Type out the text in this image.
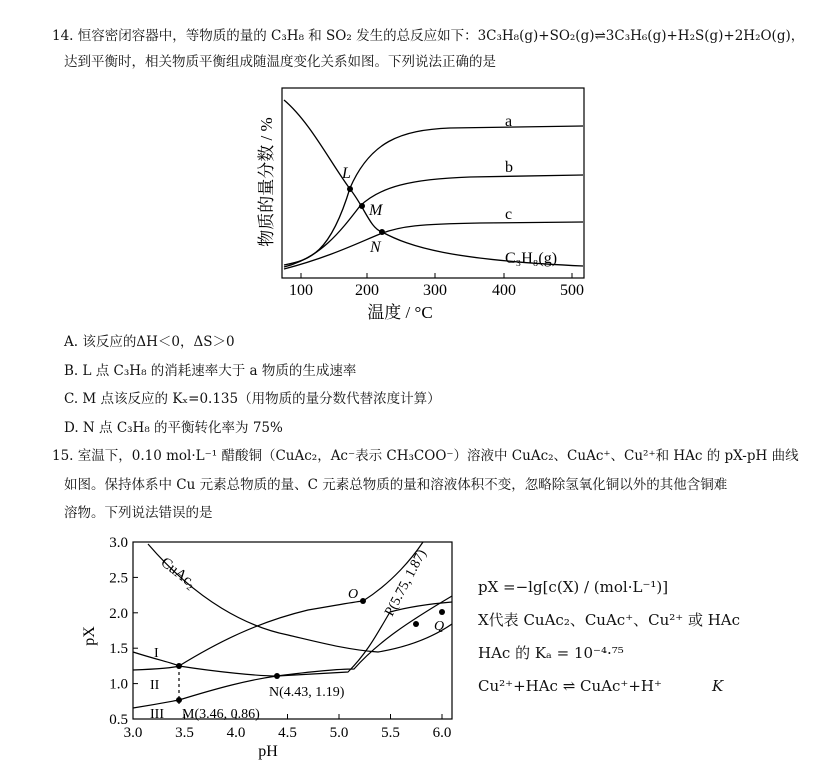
14. 恒容密闭容器中，等物质的量的 C₃H₈ 和 SO₂ 发生的总反应如下：3C₃H₈(g)+SO₂(g)⇌3C₃H₆(g)+H₂S(g)+2H₂O(g)，
达到平衡时，相关物质平衡组成随温度变化关系如图。下列说法正确的是
100	200	300	400	500
温度 / °C
物质的量分数 / %	a
b
c
C₃H₈(g)
L
M
N
A. 该反应的ΔH＜0，ΔS＞0
B. L 点 C₃H₈ 的消耗速率大于 a 物质的生成速率
C. M 点该反应的 Kₓ=0.135（用物质的量分数代替浓度计算）
D. N 点 C₃H₈ 的平衡转化率为 75%
15. 室温下，0.10 mol·L⁻¹ 醋酸铜（CuAc₂，Ac⁻表示 CH₃COO⁻）溶液中 CuAc₂、CuAc⁺、Cu²⁺和 HAc 的 pX-pH 曲线
如图。保持体系中 Cu 元素总物质的量、C 元素总物质的量和溶液体积不变，忽略除氢氧化铜以外的其他含铜难
溶物。下列说法错误的是
3.0 3.5 4.0 4.5 5.0 5.5 6.0
0.5
1.0
1.5
2.0
2.5
3.0
pH
pX
CuAc₂
I
II
III
O P(5.75, 1.87)
Q
N(4.43, 1.19)
M(3.46, 0.86)
pX =−lg[c(X) / (mol·L⁻¹)]
X代表 CuAc₂、CuAc⁺、Cu²⁺ 或 HAc
HAc 的 Kₐ = 10⁻⁴·⁷⁵
Cu²⁺+HAc ⇌ CuAc⁺+H⁺	K
